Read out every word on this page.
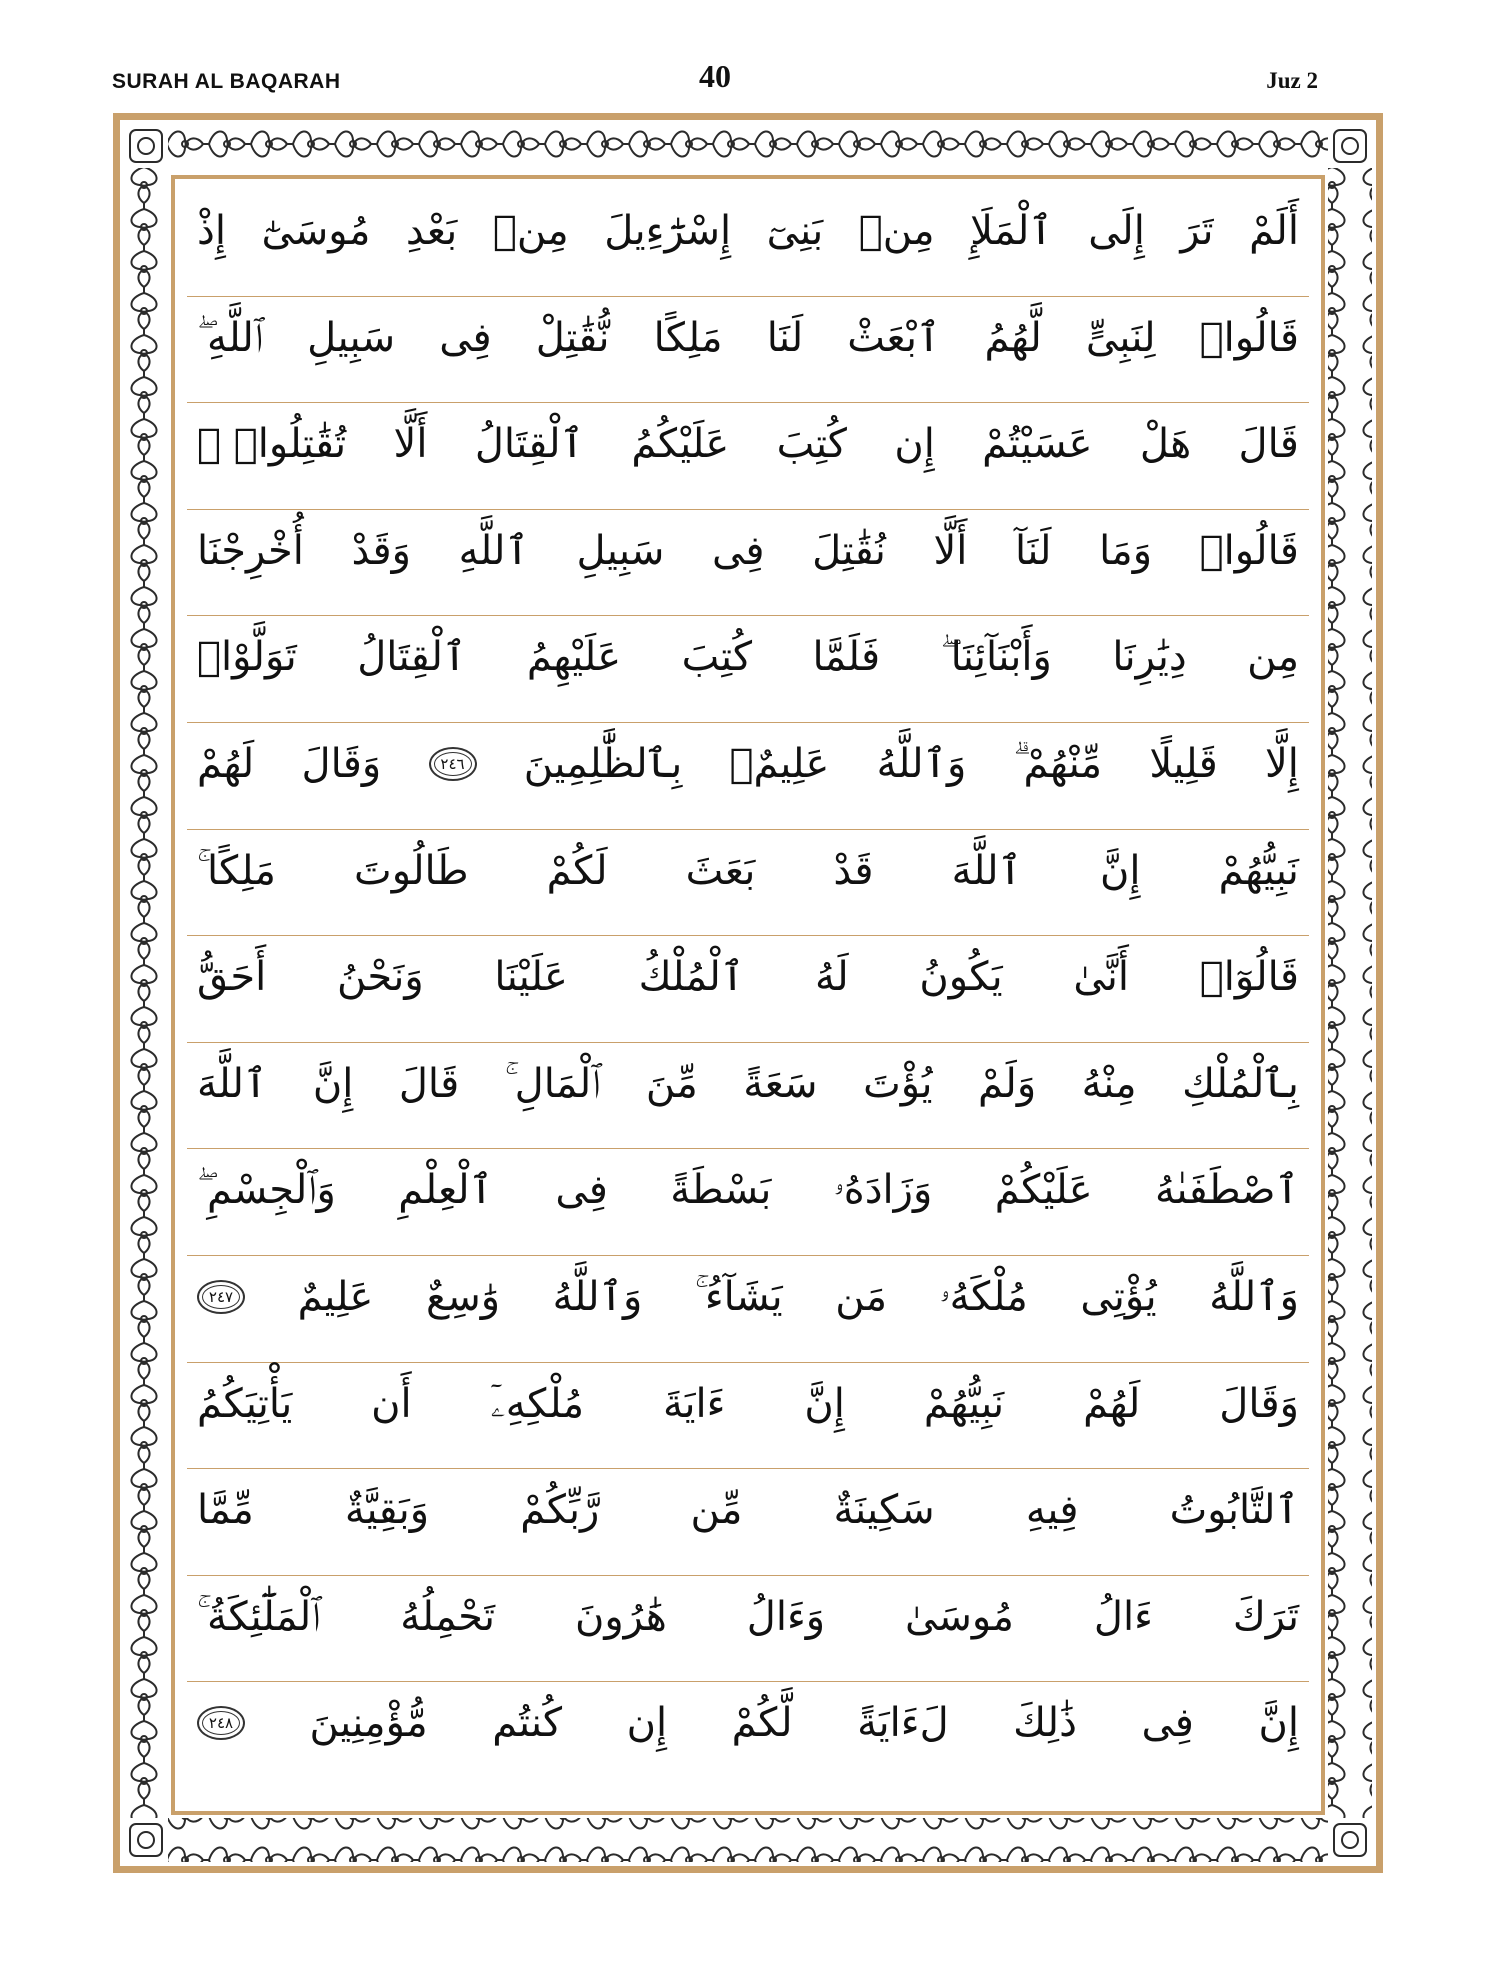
SURAH AL BAQARAH	40	Juz 2
أَلَمْ
تَرَ
إِلَى
ٱلْمَلَإِ
مِنۢ
بَنِىٓ
إِسْرَٰٓءِيلَ
مِنۢ
بَعْدِ
مُوسَىٰٓ
إِذْ
قَالُوا۟
لِنَبِىٍّ
لَّهُمُ
ٱبْعَثْ
لَنَا
مَلِكًا
نُّقَٰتِلْ
فِى
سَبِيلِ
ٱللَّهِ ۖ
قَالَ
هَلْ
عَسَيْتُمْ
إِن
كُتِبَ
عَلَيْكُمُ
ٱلْقِتَالُ
أَلَّا
تُقَٰتِلُوا۟ ۖ
قَالُوا۟
وَمَا
لَنَآ
أَلَّا
نُقَٰتِلَ
فِى
سَبِيلِ
ٱللَّهِ
وَقَدْ
أُخْرِجْنَا
مِن
دِيَٰرِنَا
وَأَبْنَآئِنَا ۖ
فَلَمَّا
كُتِبَ
عَلَيْهِمُ
ٱلْقِتَالُ
تَوَلَّوْا۟
إِلَّا
قَلِيلًا
مِّنْهُمْ ۗ
وَٱللَّهُ
عَلِيمٌۢ
بِٱلظَّٰلِمِينَ
٢٤٦
وَقَالَ
لَهُمْ
نَبِيُّهُمْ
إِنَّ
ٱللَّهَ
قَدْ
بَعَثَ
لَكُمْ
طَالُوتَ
مَلِكًا ۚ
قَالُوٓا۟
أَنَّىٰ
يَكُونُ
لَهُ
ٱلْمُلْكُ
عَلَيْنَا
وَنَحْنُ
أَحَقُّ
بِٱلْمُلْكِ
مِنْهُ
وَلَمْ
يُؤْتَ
سَعَةً
مِّنَ
ٱلْمَالِ ۚ
قَالَ
إِنَّ
ٱللَّهَ
ٱصْطَفَىٰهُ
عَلَيْكُمْ
وَزَادَهُۥ
بَسْطَةً
فِى
ٱلْعِلْمِ
وَٱلْجِسْمِ ۖ
وَٱللَّهُ
يُؤْتِى
مُلْكَهُۥ
مَن
يَشَآءُ ۚ
وَٱللَّهُ
وَٰسِعٌ
عَلِيمٌ
٢٤٧
وَقَالَ
لَهُمْ
نَبِيُّهُمْ
إِنَّ
ءَايَةَ
مُلْكِهِۦٓ
أَن
يَأْتِيَكُمُ
ٱلتَّابُوتُ
فِيهِ
سَكِينَةٌ
مِّن
رَّبِّكُمْ
وَبَقِيَّةٌ
مِّمَّا
تَرَكَ
ءَالُ
مُوسَىٰ
وَءَالُ
هَٰرُونَ
تَحْمِلُهُ
ٱلْمَلَٰٓئِكَةُ ۚ
إِنَّ
فِى
ذَٰلِكَ
لَءَايَةً
لَّكُمْ
إِن
كُنتُم
مُّؤْمِنِينَ
٢٤٨
